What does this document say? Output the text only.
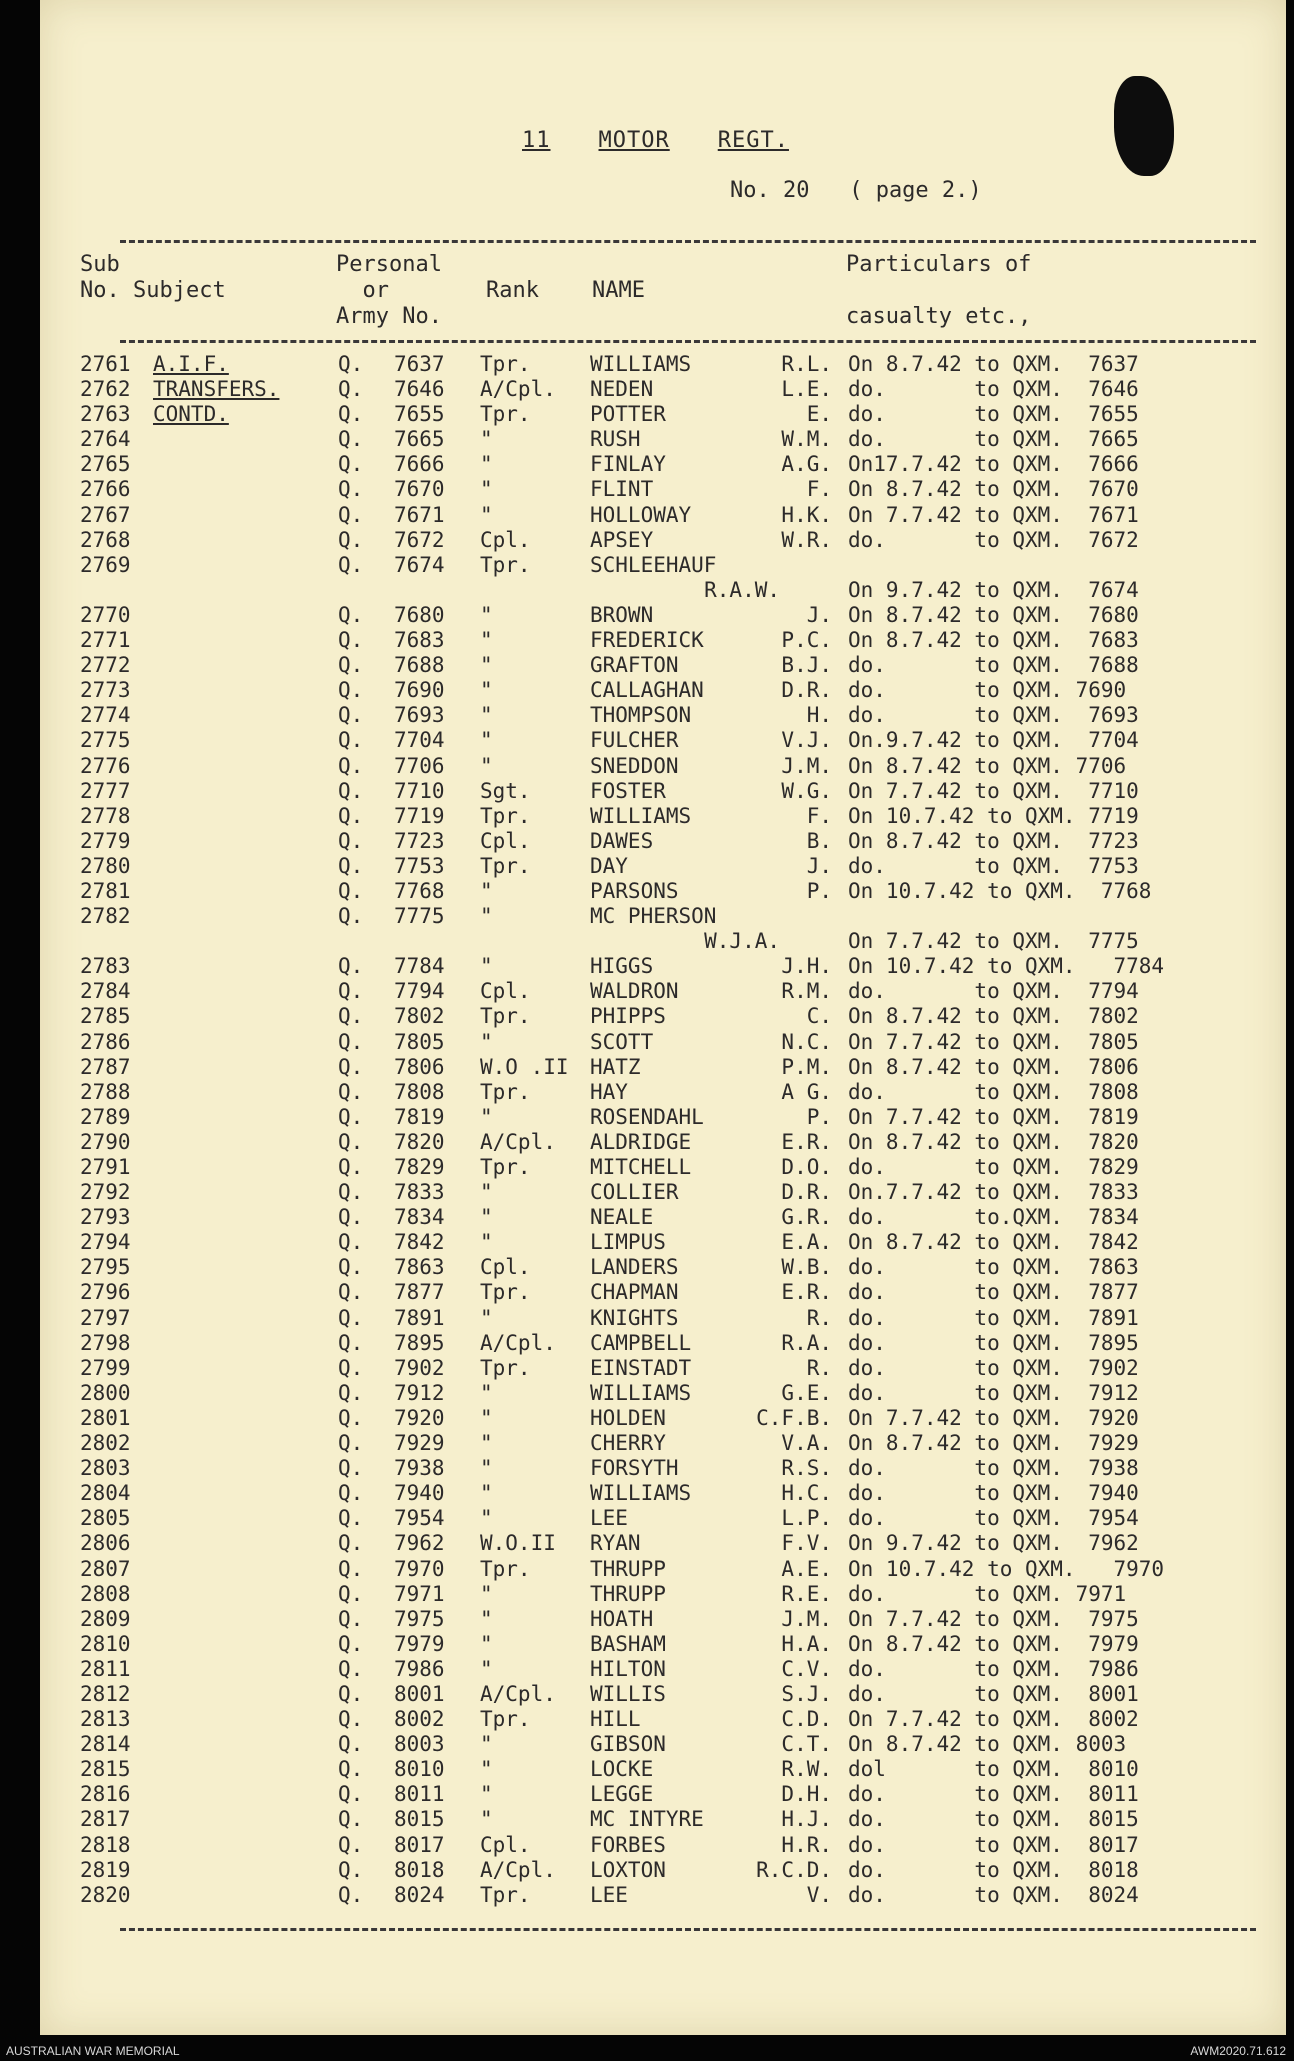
11 MOTOR REGT.
No. 20   ( page 2.)
Sub
No. Subject
Personal
or
Army No.
Rank NAME
Particulars of

casualty etc.,
2761 A.I.F.	Q. 7637 Tpr.	WILLIAMS	R.L. On 8.7.42 to QXM.  7637
2762 TRANSFERS.	Q. 7646 A/Cpl. NEDEN	L.E. do.       to QXM.  7646
2763 CONTD.	Q. 7655 Tpr.	POTTER	E. do.       to QXM.  7655
2764	Q. 7665 "	RUSH	W.M. do.       to QXM.  7665
2765	Q. 7666 "	FINLAY	A.G. On17.7.42 to QXM.  7666
2766	Q. 7670 "	FLINT	F. On 8.7.42 to QXM.  7670
2767	Q. 7671 "	HOLLOWAY	H.K. On 7.7.42 to QXM.  7671
2768	Q. 7672 Cpl.	APSEY	W.R. do.       to QXM.  7672
2769	Q. 7674 Tpr.	SCHLEEHAUF
R.A.W.	On 9.7.42 to QXM.  7674
2770	Q. 7680 "	BROWN	J. On 8.7.42 to QXM.  7680
2771	Q. 7683 "	FREDERICK	P.C. On 8.7.42 to QXM.  7683
2772	Q. 7688 "	GRAFTON	B.J. do.       to QXM.  7688
2773	Q. 7690 "	CALLAGHAN	D.R. do.       to QXM. 7690
2774	Q. 7693 "	THOMPSON	H. do.       to QXM.  7693
2775	Q. 7704 "	FULCHER	V.J. On.9.7.42 to QXM.  7704
2776	Q. 7706 "	SNEDDON	J.M. On 8.7.42 to QXM. 7706
2777	Q. 7710 Sgt.	FOSTER	W.G. On 7.7.42 to QXM.  7710
2778	Q. 7719 Tpr.	WILLIAMS	F. On 10.7.42 to QXM. 7719
2779	Q. 7723 Cpl.	DAWES	B. On 8.7.42 to QXM.  7723
2780	Q. 7753 Tpr.	DAY	J. do.       to QXM.  7753
2781	Q. 7768 "	PARSONS	P. On 10.7.42 to QXM.  7768
2782	Q. 7775 "	MC PHERSON
W.J.A.	On 7.7.42 to QXM.  7775
2783	Q. 7784 "	HIGGS	J.H. On 10.7.42 to QXM.   7784
2784	Q. 7794 Cpl.	WALDRON	R.M. do.       to QXM.  7794
2785	Q. 7802 Tpr.	PHIPPS	C. On 8.7.42 to QXM.  7802
2786	Q. 7805 "	SCOTT	N.C. On 7.7.42 to QXM.  7805
2787	Q. 7806 W.O .II HATZ	P.M. On 8.7.42 to QXM.  7806
2788	Q. 7808 Tpr.	HAY	A G. do.       to QXM.  7808
2789	Q. 7819 "	ROSENDAHL	P. On 7.7.42 to QXM.  7819
2790	Q. 7820 A/Cpl. ALDRIDGE	E.R. On 8.7.42 to QXM.  7820
2791	Q. 7829 Tpr.	MITCHELL	D.O. do.       to QXM.  7829
2792	Q. 7833 "	COLLIER	D.R. On.7.7.42 to QXM.  7833
2793	Q. 7834 "	NEALE	G.R. do.       to.QXM.  7834
2794	Q. 7842 "	LIMPUS	E.A. On 8.7.42 to QXM.  7842
2795	Q. 7863 Cpl.	LANDERS	W.B. do.       to QXM.  7863
2796	Q. 7877 Tpr.	CHAPMAN	E.R. do.       to QXM.  7877
2797	Q. 7891 "	KNIGHTS	R. do.       to QXM.  7891
2798	Q. 7895 A/Cpl. CAMPBELL	R.A. do.       to QXM.  7895
2799	Q. 7902 Tpr.	EINSTADT	R. do.       to QXM.  7902
2800	Q. 7912 "	WILLIAMS	G.E. do.       to QXM.  7912
2801	Q. 7920 "	HOLDEN	C.F.B. On 7.7.42 to QXM.  7920
2802	Q. 7929 "	CHERRY	V.A. On 8.7.42 to QXM.  7929
2803	Q. 7938 "	FORSYTH	R.S. do.       to QXM.  7938
2804	Q. 7940 "	WILLIAMS	H.C. do.       to QXM.  7940
2805	Q. 7954 "	LEE	L.P. do.       to QXM.  7954
2806	Q. 7962 W.O.II RYAN	F.V. On 9.7.42 to QXM.  7962
2807	Q. 7970 Tpr.	THRUPP	A.E. On 10.7.42 to QXM.   7970
2808	Q. 7971 "	THRUPP	R.E. do.       to QXM. 7971
2809	Q. 7975 "	HOATH	J.M. On 7.7.42 to QXM.  7975
2810	Q. 7979 "	BASHAM	H.A. On 8.7.42 to QXM.  7979
2811	Q. 7986 "	HILTON	C.V. do.       to QXM.  7986
2812	Q. 8001 A/Cpl. WILLIS	S.J. do.       to QXM.  8001
2813	Q. 8002 Tpr.	HILL	C.D. On 7.7.42 to QXM.  8002
2814	Q. 8003 "	GIBSON	C.T. On 8.7.42 to QXM. 8003
2815	Q. 8010 "	LOCKE	R.W. dol       to QXM.  8010
2816	Q. 8011 "	LEGGE	D.H. do.       to QXM.  8011
2817	Q. 8015 "	MC INTYRE	H.J. do.       to QXM.  8015
2818	Q. 8017 Cpl.	FORBES	H.R. do.       to QXM.  8017
2819	Q. 8018 A/Cpl. LOXTON	R.C.D. do.       to QXM.  8018
2820	Q. 8024 Tpr.	LEE	V. do.       to QXM.  8024
AUSTRALIAN WAR MEMORIAL	AWM2020.71.612
